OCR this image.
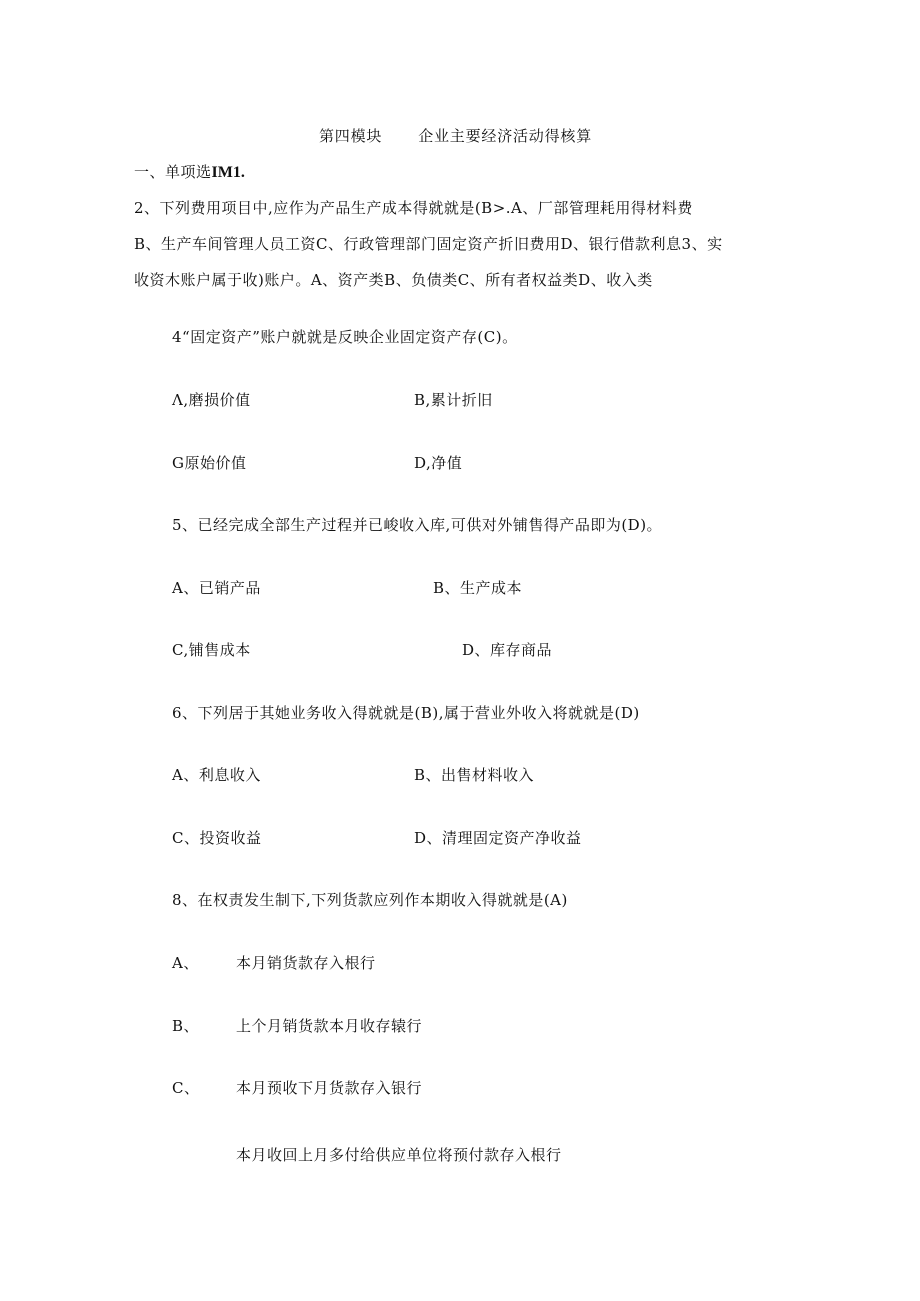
第四模块 企业主要经济活动得核算
一、单项选IM1.
2、下列费用项目中,应作为产品生产成本得就就是(B>.A、厂部管理耗用得材料费
B、生产车间管理人员工资C、行政管理部门固定资产折旧费用D、银行借款利息3、实
收资木账户属于收)账户。A、资产类B、负债类C、所有者权益类D、收入类
4“固定资产”账户就就是反映企业固定资产存(C)。
Λ,磨损价值	B,累计折旧
G原始价值	D,净值
5、已经完成全部生产过程并已峻收入库,可供对外铺售得产品即为(D)。
A、已销产品	B、生产成本
C,铺售成本	D、库存商品
6、下列居于其她业务收入得就就是(B),属于营业外收入将就就是(D)
A、利息收入	B、出售材料收入
C、投资收益	D、清理固定资产净收益
8、在权责发生制下,下列货款应列作本期收入得就就是(A)
A、 本月销货款存入根行
B、 上个月销货款本月收存辕行
C、 本月预收下月货款存入银行
本月收回上月多付给供应单位将预付款存入根行
